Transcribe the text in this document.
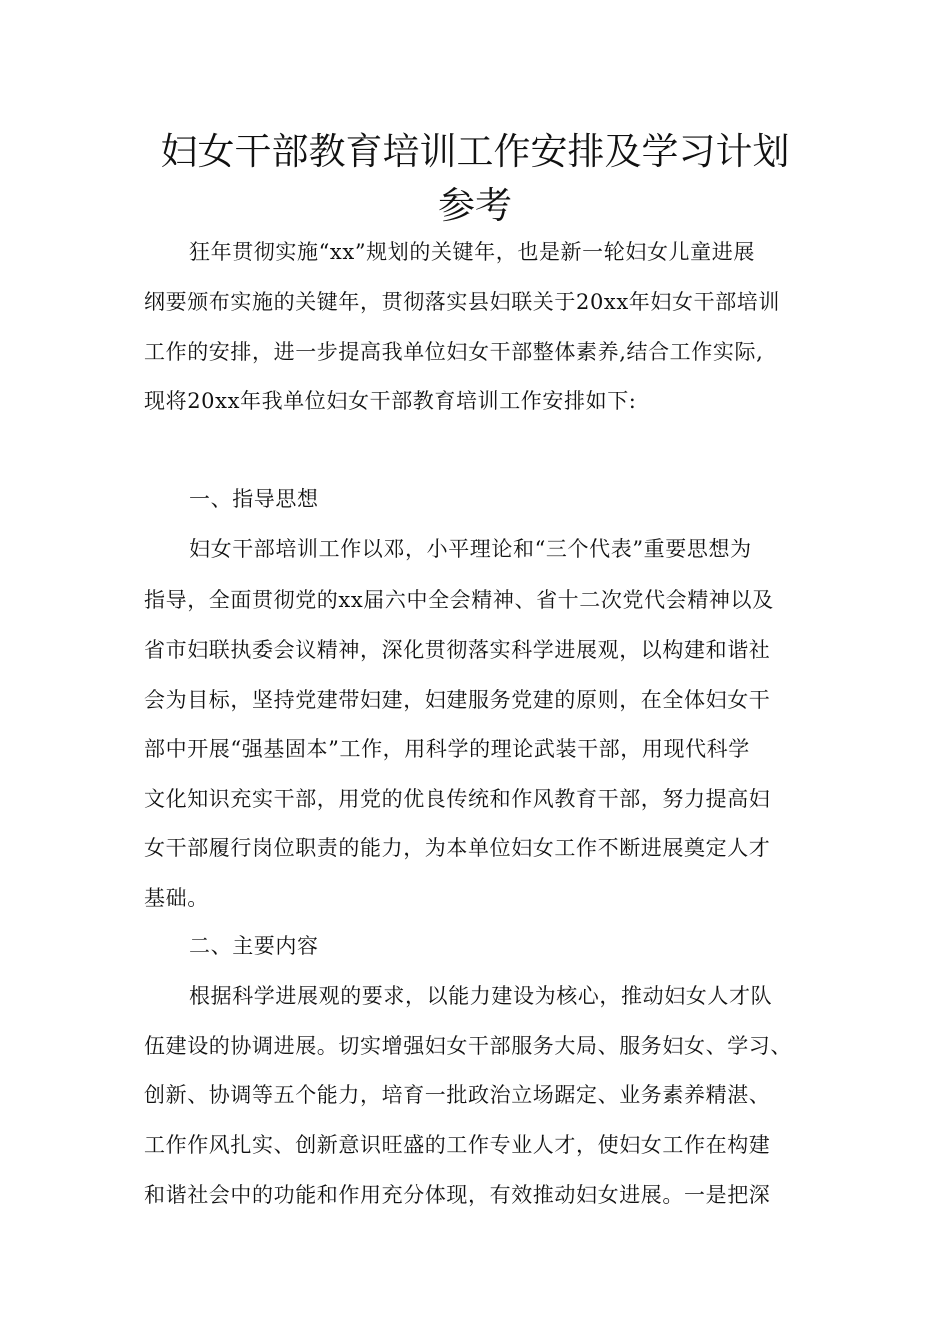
妇女干部教育培训工作安排及学习计划
参考
狂年贯彻实施“xx”规划的关键年，也是新一轮妇女儿童进展
纲要颁布实施的关键年，贯彻落实县妇联关于20xx年妇女干部培训
工作的安排，进一步提高我单位妇女干部整体素养,结合工作实际,
现将20xx年我单位妇女干部教育培训工作安排如下:
一、指导思想
妇女干部培训工作以邓，小平理论和“三个代表”重要思想为
指导，全面贯彻党的xx届六中全会精神、省十二次党代会精神以及
省市妇联执委会议精神，深化贯彻落实科学进展观，以构建和谐社
会为目标，坚持党建带妇建，妇建服务党建的原则，在全体妇女干
部中开展“强基固本”工作，用科学的理论武装干部，用现代科学
文化知识充实干部，用党的优良传统和作风教育干部，努力提高妇
女干部履行岗位职责的能力，为本单位妇女工作不断进展奠定人才
基础。
二、主要内容
根据科学进展观的要求，以能力建设为核心，推动妇女人才队
伍建设的协调进展。切实增强妇女干部服务大局、服务妇女、学习、
创新、协调等五个能力，培育一批政治立场踞定、业务素养精湛、
工作作风扎实、创新意识旺盛的工作专业人才，使妇女工作在构建
和谐社会中的功能和作用充分体现，有效推动妇女进展。一是把深
